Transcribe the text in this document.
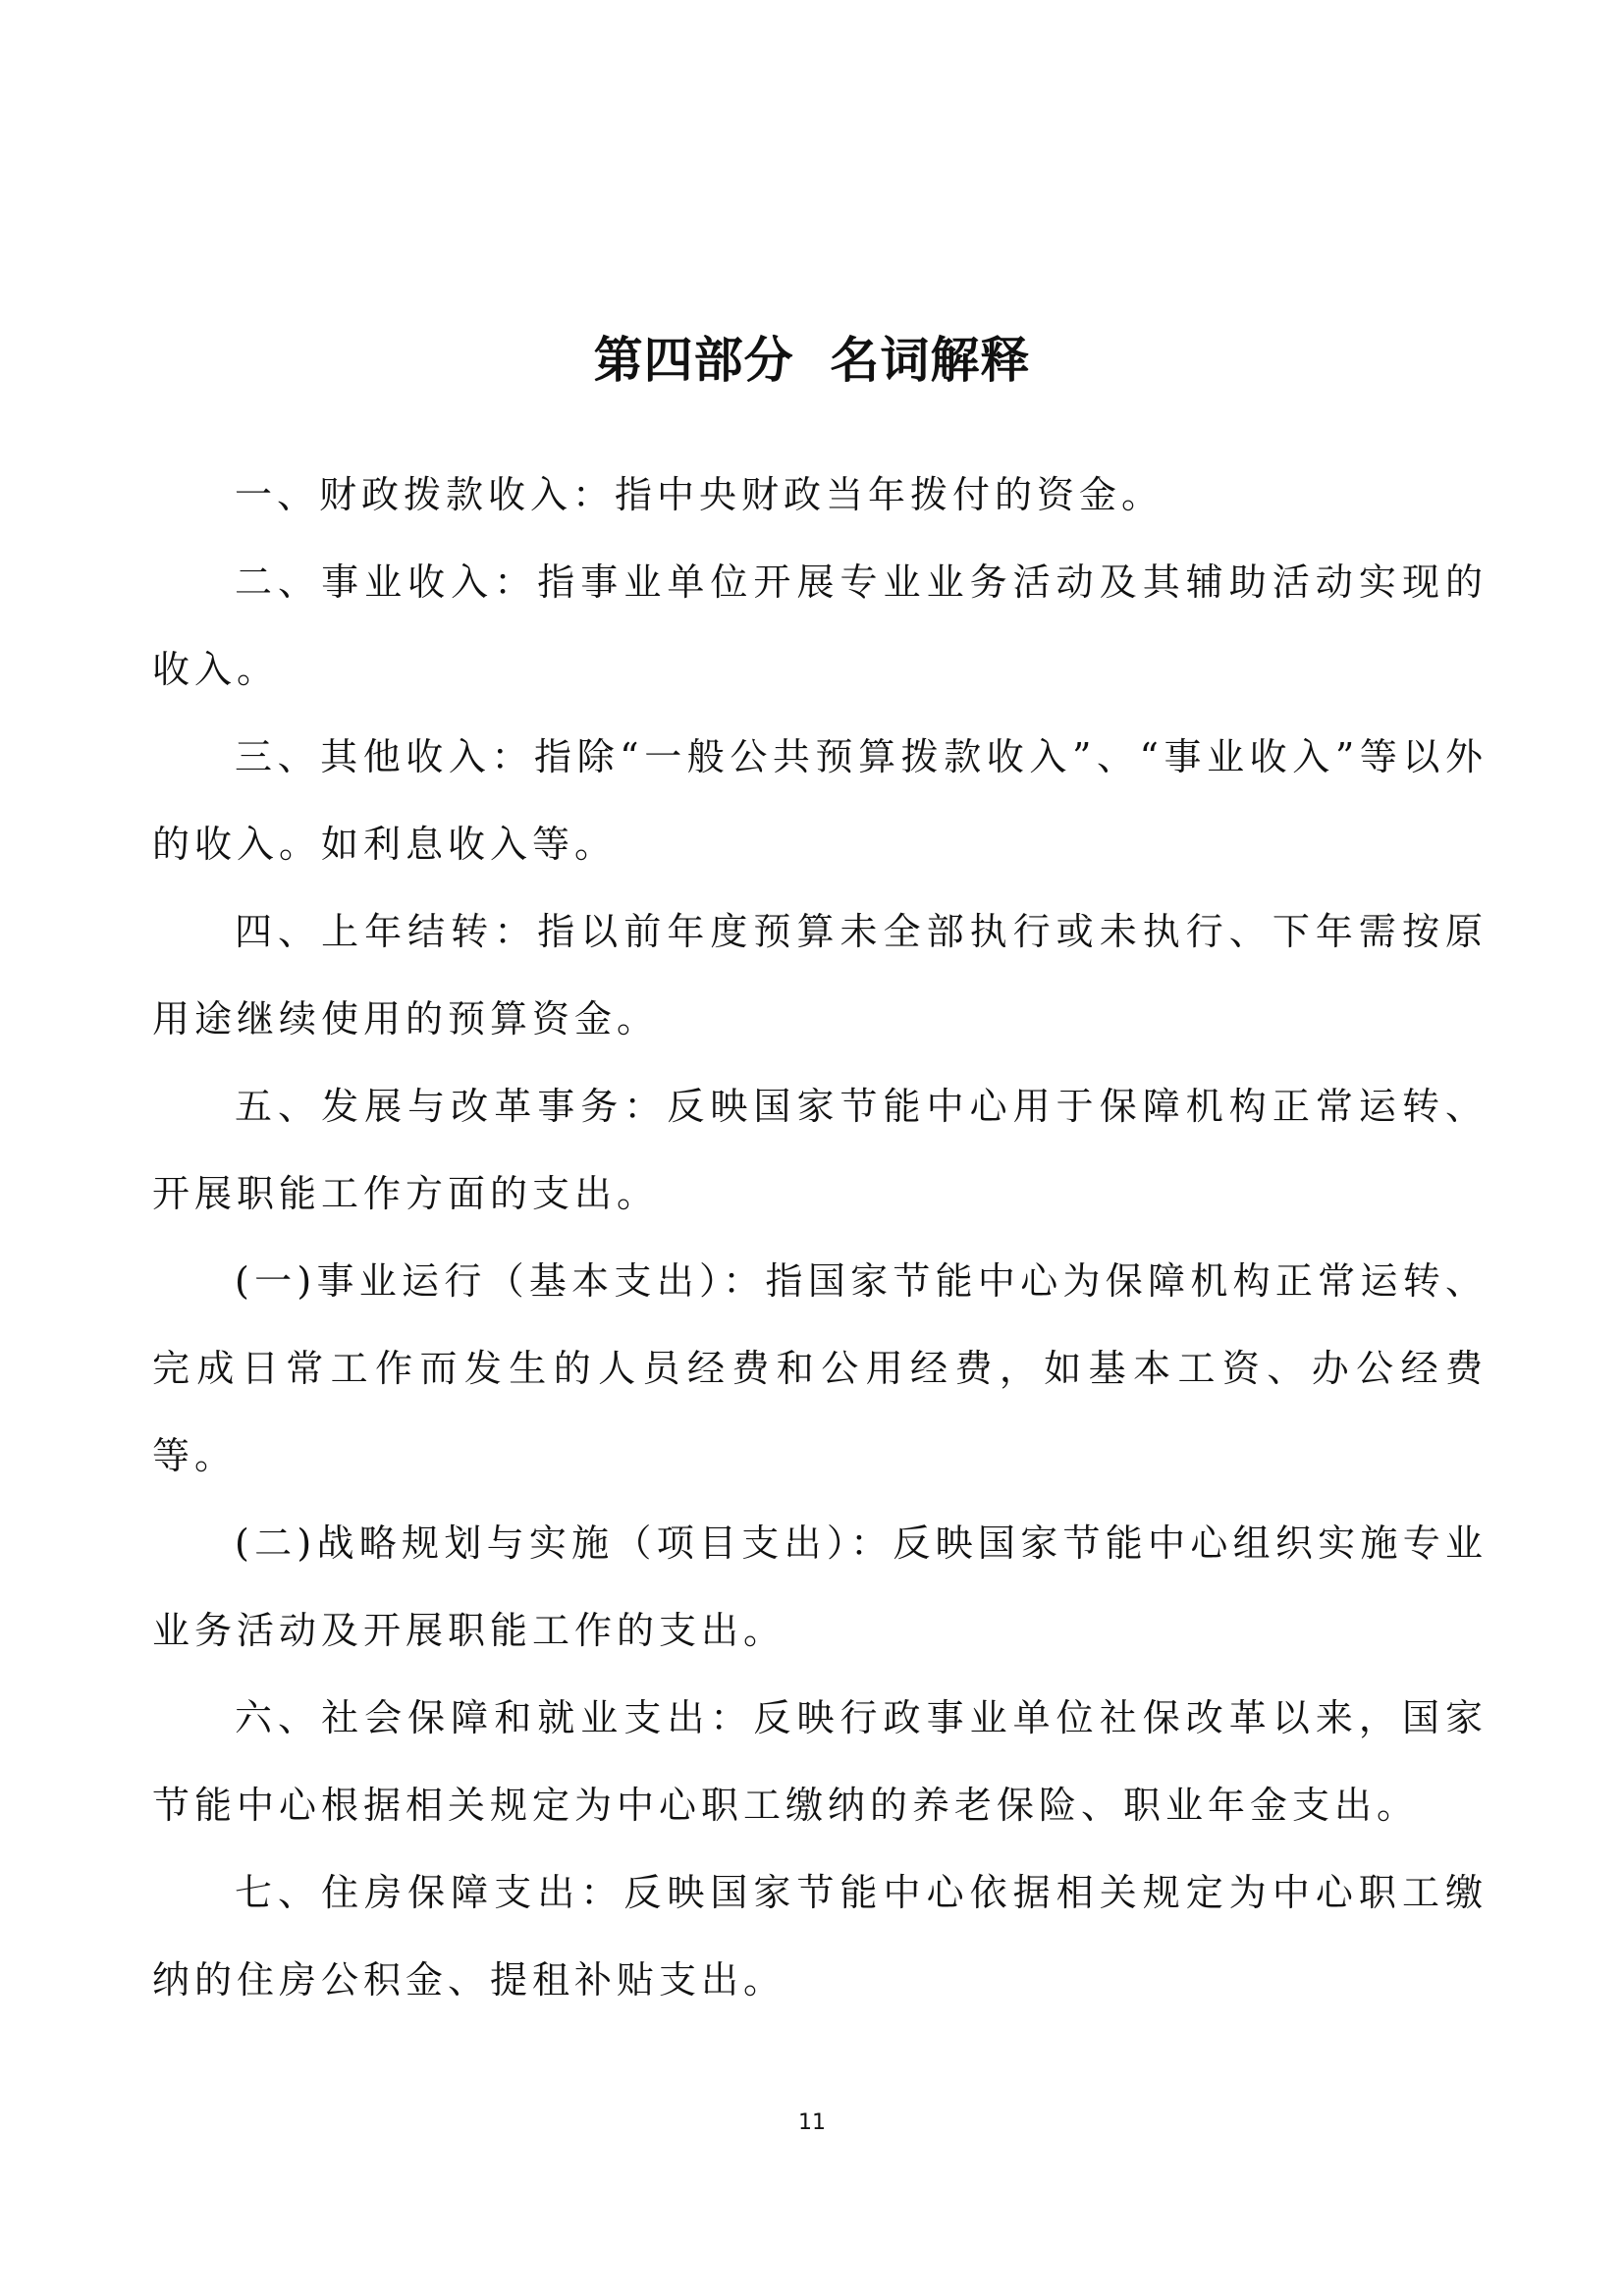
第四部分  名词解释

一、财政拨款收入：指中央财政当年拨付的资金。

二、事业收入：指事业单位开展专业业务活动及其辅助活动实现的收入。

三、其他收入：指除“一般公共预算拨款收入”、“事业收入”等以外的收入。如利息收入等。

四、上年结转：指以前年度预算未全部执行或未执行、下年需按原用途继续使用的预算资金。

五、发展与改革事务：反映国家节能中心用于保障机构正常运转、开展职能工作方面的支出。

(一)事业运行（基本支出）：指国家节能中心为保障机构正常运转、完成日常工作而发生的人员经费和公用经费，如基本工资、办公经费等。

(二)战略规划与实施（项目支出）：反映国家节能中心组织实施专业业务活动及开展职能工作的支出。

六、社会保障和就业支出：反映行政事业单位社保改革以来，国家节能中心根据相关规定为中心职工缴纳的养老保险、职业年金支出。

七、住房保障支出：反映国家节能中心依据相关规定为中心职工缴纳的住房公积金、提租补贴支出。

11
